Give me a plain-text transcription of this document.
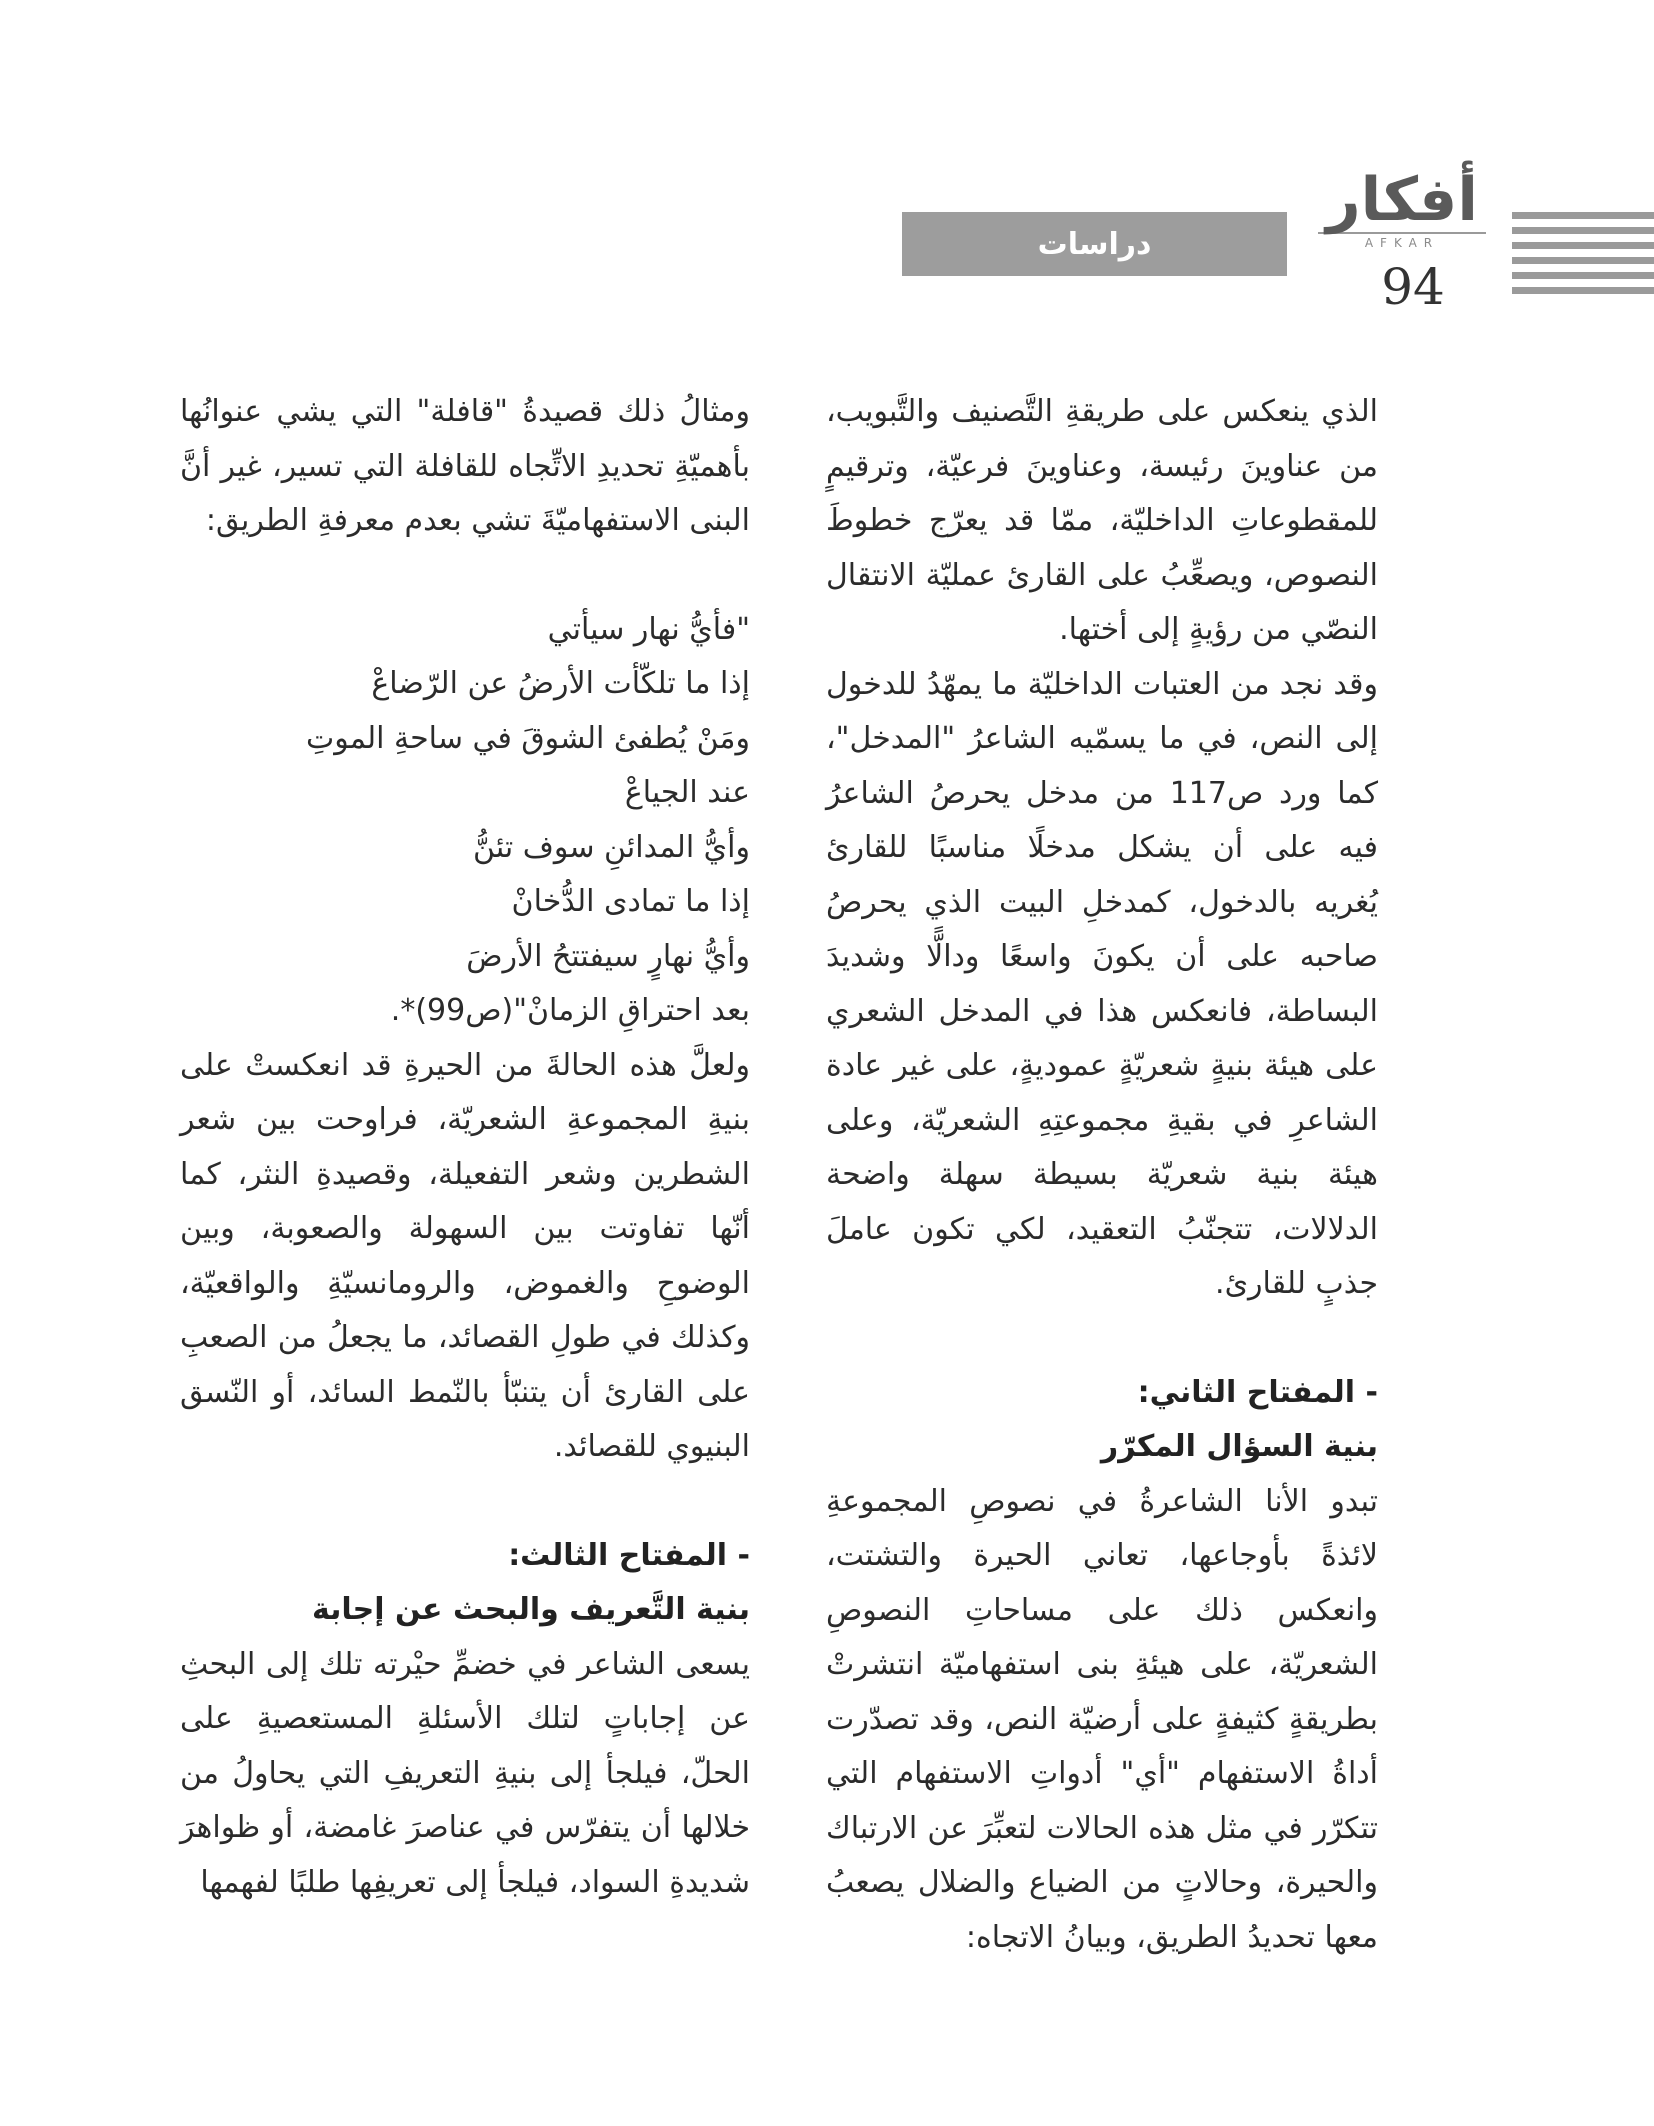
أفكار
AFKAR
94
دراسات

الذي ينعكس على طريقةِ التَّصنيف والتَّبويب، من عناوينَ رئيسة، وعناوينَ فرعيّة، وترقيمٍ للمقطوعاتِ الداخليّة، ممّا قد يعرّج خطوطَ النصوص، ويصعِّبُ على القارئ عمليّة الانتقال النصّي من رؤيةٍ إلى أختها.

وقد نجد من العتبات الداخليّة ما يمهّدُ للدخول إلى النص، في ما يسمّيه الشاعرُ "المدخل"، كما ورد ص117 من مدخل يحرصُ الشاعرُ فيه على أن يشكل مدخلًا مناسبًا للقارئ يُغريه بالدخول، كمدخلِ البيت الذي يحرصُ صاحبه على أن يكونَ واسعًا ودالًّا وشديدَ البساطة، فانعكس هذا في المدخل الشعري على هيئة بنيةٍ شعريّةٍ عموديةٍ، على غير عادة الشاعرِ في بقيةِ مجموعتِهِ الشعريّة، وعلى هيئة بنية شعريّة بسيطة سهلة واضحة الدلالات، تتجنّبُ التعقيد، لكي تكون عاملَ جذبٍ للقارئ.

- المفتاح الثاني:

بنية السؤال المكرّر

تبدو الأنا الشاعرةُ في نصوصِ المجموعةِ لائذةً بأوجاعها، تعاني الحيرة والتشتت، وانعكس ذلك على مساحاتِ النصوصِ الشعريّة، على هيئةِ بنى استفهاميّة انتشرتْ بطريقةٍ كثيفةٍ على أرضيّة النص، وقد تصدّرت أداةُ الاستفهام "أي" أدواتِ الاستفهام التي تتكرّر في مثل هذه الحالات لتعبِّرَ عن الارتباك والحيرة، وحالاتٍ من الضياع والضلال يصعبُ معها تحديدُ الطريق، وبيانُ الاتجاه:

ومثالُ ذلك قصيدةُ "قافلة" التي يشي عنوانُها بأهميّةِ تحديدِ الاتِّجاه للقافلة التي تسير، غير أنَّ البنى الاستفهاميّةَ تشي بعدم معرفةِ الطريق:

"فأيُّ نهار سيأتي

إذا ما تلكّأت الأرضُ عن الرّضاعْ

ومَنْ يُطفئ الشوقَ في ساحةِ الموتِ

عند الجياعْ

وأيُّ المدائنِ سوف تئنُّ

إذا ما تمادى الدُّخانْ

وأيُّ نهارٍ سيفتتحُ الأرضَ

بعد احتراقِ الزمانْ"(ص99)*.

ولعلَّ هذه الحالةَ من الحيرةِ قد انعكستْ على بنيةِ المجموعةِ الشعريّة، فراوحت بين شعر الشطرين وشعر التفعيلة، وقصيدةِ النثر، كما أنّها تفاوتت بين السهولة والصعوبة، وبين الوضوحِ والغموض، والرومانسيّةِ والواقعيّة، وكذلك في طولِ القصائد، ما يجعلُ من الصعبِ على القارئ أن يتنبّأ بالنّمط السائد، أو النّسق البنيوي للقصائد.

- المفتاح الثالث:

بنية التَّعريف والبحث عن إجابة

يسعى الشاعر في خضمِّ حيْرته تلك إلى البحثِ عن إجاباتٍ لتلك الأسئلةِ المستعصيةِ على الحلّ، فيلجأ إلى بنيةِ التعريفِ التي يحاولُ من خلالها أن يتفرّس في عناصرَ غامضة، أو ظواهرَ شديدةِ السواد، فيلجأ إلى تعريفِها طلبًا لفهمها
